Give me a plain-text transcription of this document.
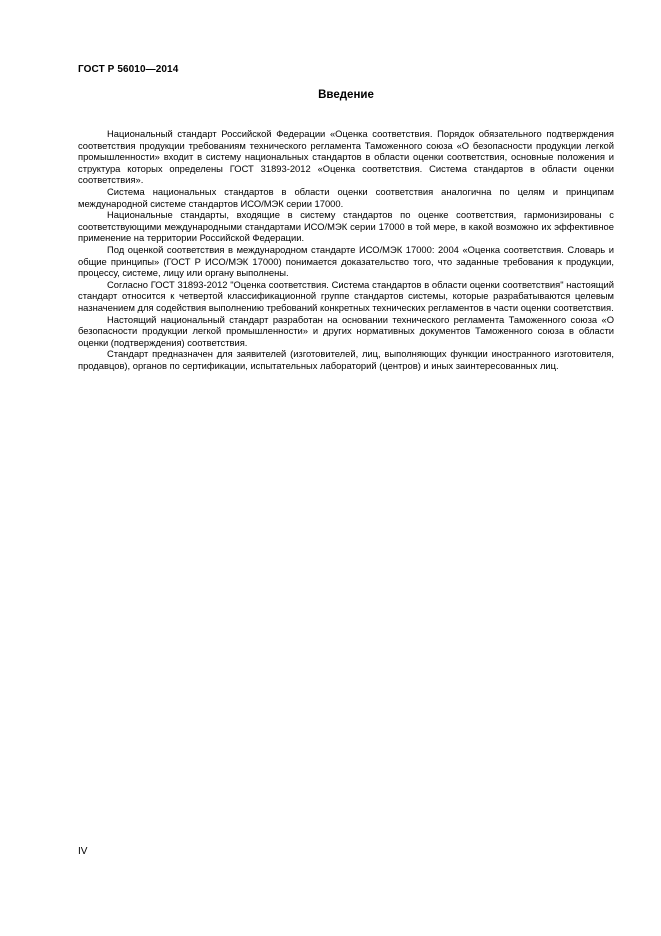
ГОСТ Р 56010—2014
Введение

Национальный стандарт Российской Федерации «Оценка соответствия. Порядок обязательного подтверждения соответствия продукции требованиям технического регламента Таможенного союза «О безопасности продукции легкой промышленности» входит в систему национальных стандартов в области оценки соответствия, основные положения и структура которых определены ГОСТ 31893-2012 «Оценка соответствия. Система стандартов в области оценки соответствия».

Система национальных стандартов в области оценки соответствия аналогична по целям и принципам международной системе стандартов ИСО/МЭК серии 17000.

Национальные стандарты, входящие в систему стандартов по оценке соответствия, гармонизированы с соответствующими международными стандартами ИСО/МЭК серии 17000 в той мере, в какой возможно их эффективное применение на территории Российской Федерации.

Под оценкой соответствия в международном стандарте ИСО/МЭК 17000: 2004 «Оценка соответствия. Словарь и общие принципы» (ГОСТ Р ИСО/МЭК 17000) понимается доказательство того, что заданные требования к продукции, процессу, системе, лицу или органу выполнены.

Согласно ГОСТ 31893-2012 "Оценка соответствия. Система стандартов в области оценки соответствия" настоящий стандарт относится к четвертой классификационной группе стандартов системы, которые разрабатываются целевым назначением для содействия выполнению требований конкретных технических регламентов в части оценки соответствия.

Настоящий национальный стандарт разработан на основании технического регламента Таможенного союза «О безопасности продукции легкой промышленности» и других нормативных документов Таможенного союза в области оценки (подтверждения) соответствия.

Стандарт предназначен для заявителей (изготовителей, лиц, выполняющих функции иностранного изготовителя, продавцов), органов по сертификации, испытательных лабораторий (центров) и иных заинтересованных лиц.

IV
